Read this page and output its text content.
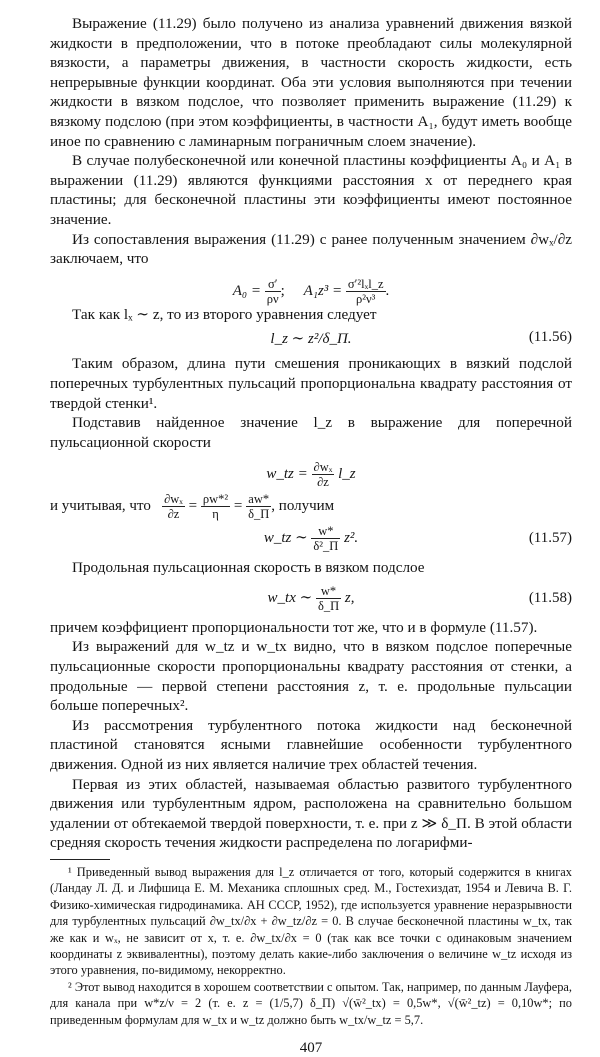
Выражение (11.29) было получено из анализа уравнений движения вязкой жидкости в предположении, что в потоке преобладают силы молекулярной вязкости, а параметры движения, в частности скорость жидкости, есть непрерывные функции координат. Оба эти условия выполняются при течении жидкости в вязком подслое, что позволяет применить выражение (11.29) к вязкому подслою (при этом коэффициенты, в частности A₁, будут иметь вообще иное по сравнению с ламинарным пограничным слоем значение).

В случае полубесконечной или конечной пластины коэффициенты A₀ и A₁ в выражении (11.29) являются функциями расстояния x от переднего края пластины; для бесконечной пластины эти коэффициенты имеют постоянное значение.

Из сопоставления выражения (11.29) с ранее полученным значением ∂wₓ/∂z заключаем, что

$A_0 = \frac{\sigma'}{\rho\nu}$ ;     $A_1z^3 = \frac{\text{σ′²lₓl\_z}}{\text{ρ²ν³}}$ .

Так как lₓ ∼ z, то из второго уравнения следует

l_z ∼ z²/δ_П.	(11.56)

Таким образом, длина пути смешения проникающих в вязкий подслой поперечных турбулентных пульсаций пропорциональна квадрату расстояния от твердой стенки¹.

Подставив найденное значение l_z в выражение для поперечной пульсационной скорости

w_tz = $\frac{\text{∂wₓ}}{\partial z}$ l_z
и учитывая, что $\frac{\text{∂wₓ}}{\partial z} = \frac{\text{ρw*²}}{\eta} = \frac{aw*}{\delta\_П}$ , получим
w_tz ∼ $\frac{w*}{\text{δ²\_П}} z^2$.	(11.57)

Продольная пульсационная скорость в вязком подслое

w_tx ∼ $\frac{w*}{\delta\_П} z$,	(11.58)

причем коэффициент пропорциональности тот же, что и в формуле (11.57).

Из выражений для w_tz и w_tx видно, что в вязком подслое поперечные пульсационные скорости пропорциональны квадрату расстояния от стенки, а продольные — первой степени расстояния z, т. е. продольные пульсации больше поперечных².

Из рассмотрения турбулентного потока жидкости над бесконечной пластиной становятся ясными главнейшие особенности турбулентного движения. Одной из них является наличие трех областей течения.

Первая из этих областей, называемая областью развитого турбулентного движения или турбулентным ядром, расположена на сравнительно большом удалении от обтекаемой твердой поверхности, т. е. при z ≫ δ_П. В этой области средняя скорость течения жидкости распределена по логарифми-

¹ Приведенный вывод выражения для l_z отличается от того, который содержится в книгах (Ландау Л. Д. и Лифшица Е. М. Механика сплошных сред. М., Гостехиздат, 1954 и Левича В. Г. Физико-химическая гидродинамика. АН СССР, 1952), где используется уравнение неразрывности для турбулентных пульсаций ∂w_tx/∂x + ∂w_tz/∂z = 0. В случае бесконечной пластины w_tx, так же как и wₓ, не зависит от x, т. е. ∂w_tx/∂x = 0 (так как все точки с одинаковым значением координаты z эквивалентны), поэтому делать какие-либо заключения о величине w_tz исходя из этого уравнения, по-видимому, некорректно.

² Этот вывод находится в хорошем соответствии с опытом. Так, например, по данным Лауфера, для канала при w*z/ν = 2 (т. е. z = (1/5,7) δ_П) √(w̄²_tx) = 0,5w*, √(w̄²_tz) = 0,10w*; по приведенным формулам для w_tx и w_tz должно быть w_tx/w_tz = 5,7.

407
